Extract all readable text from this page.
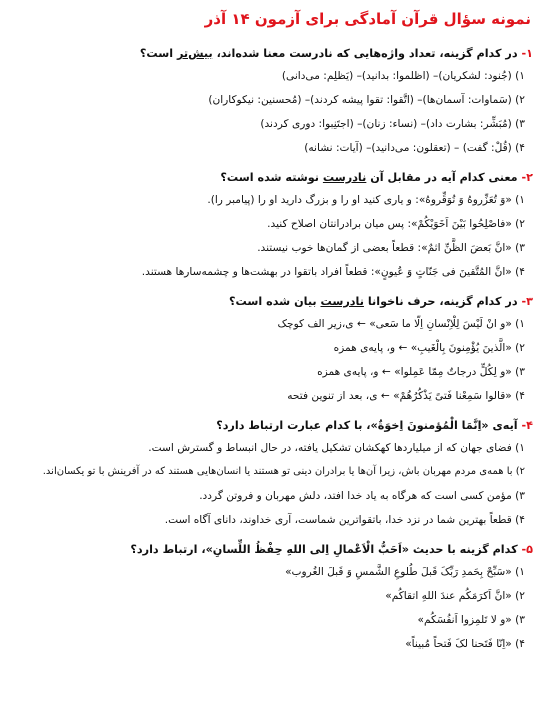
نمونه سؤال قرآن آمادگی برای آزمون ۱۴ آذر
۱- در کدام گزینه، تعداد واژه‌هایی که نادرست معنا شده‌اند، بیش‌تر است؟
۱) (جُنود: لشکریان)– (اظلموا: بدانید)– (یَظلِم: می‌دانی)
۲) (سَماوات: آسمان‌ها)– (اتَّقوا: تقوا پیشه کردند)– (مُحسنین: نیکوکاران)
۳) (مُبَشِّر: بشارت داد)– (نساء: زنان)– (اجتَنِبوا: دوری کردند)
۴) (قُلْ: گفت) – (تعقلون: می‌دانید)– (آیات: نشانه)
۲- معنی کدام آیه در مقابل آن نادرست نوشته شده است؟
۱) «وَ تُعَزِّروهُ وَ تُوَقِّروهُ»: و یاری کنید او را و بزرگ دارید او را (پیامبر را).
۲) «فاصْلِحُوا بَیْنَ اَخَوَیْکُمْ»: پس میان برادرانتان اصلاح کنید.
۳) «انَّ بَعضَ الظَّنِّ اثمٌ»: قطعاً بعضی از گمان‌ها خوب نیستند.
۴) «انَّ المُتَّقینَ فی جَنّاتٍ وَ عُیونٍ»: قطعاً افراد باتقوا در بهشت‌ها و چشمه‌سارها هستند.
۳- در کدام گزینه، حرف ناخوانا نادرست بیان شده است؟
۱) «و انْ لَیْسَ لِلْاِنْسانِ اِلّا ما سَعی» ← ی،زیر الف کوچک
۲) «الَّذینَ یُؤْمِنونَ بِالْغَیبِ» ← و، پایه‌ی همزه
۳) «و لِکُلٍّ درجاتٌ مِمّا عَمِلوا» ← و، پایه‌ی همزه
۴) «قالوا سَمِعْنا فَتیً یَذْکُرُهُمْ» ← ی، بعد از تنوین فتحه
۴- آیه‌ی «اِنَّمَا الْمُؤمنونَ اِخوَةٌ»، با کدام عبارت ارتباط دارد؟
۱) فضای جهان که از میلیاردها کهکشان تشکیل یافته، در حال انبساط و گسترش است.
۲) با همه‌ی مردم مهربان باش، زیرا آن‌ها یا برادران دینی تو هستند یا انسان‌هایی هستند که در آفرینش با تو یکسان‌اند.
۳) مؤمن کسی است که هرگاه به یاد خدا افتد، دلش مهربان و فروتن گردد.
۴) قطعاً بهترین شما در نزد خدا، باتقواترین شماست، آری خداوند، دانای آگاه است.
۵- کدام گزینه با حدیث «اَحَبُّ الْاَعْمالِ اِلی اللهِ حِفْظُ اللِّسانِ»، ارتباط دارد؟
۱) «سَبِّحْ بِحَمدِ رَبِّکَ قَبلَ طُلوعِ الشَّمسِ وَ قَبلَ الغُروب»
۲) «انَّ اَکرَمَکُم عندَ اللهِ اتقاکُم»
۳) «و لا تَلمِزوا اَنفُسَکُم»
۴) «اِنّا فَتَحنا لکَ فَتحاً مُبیناً»
